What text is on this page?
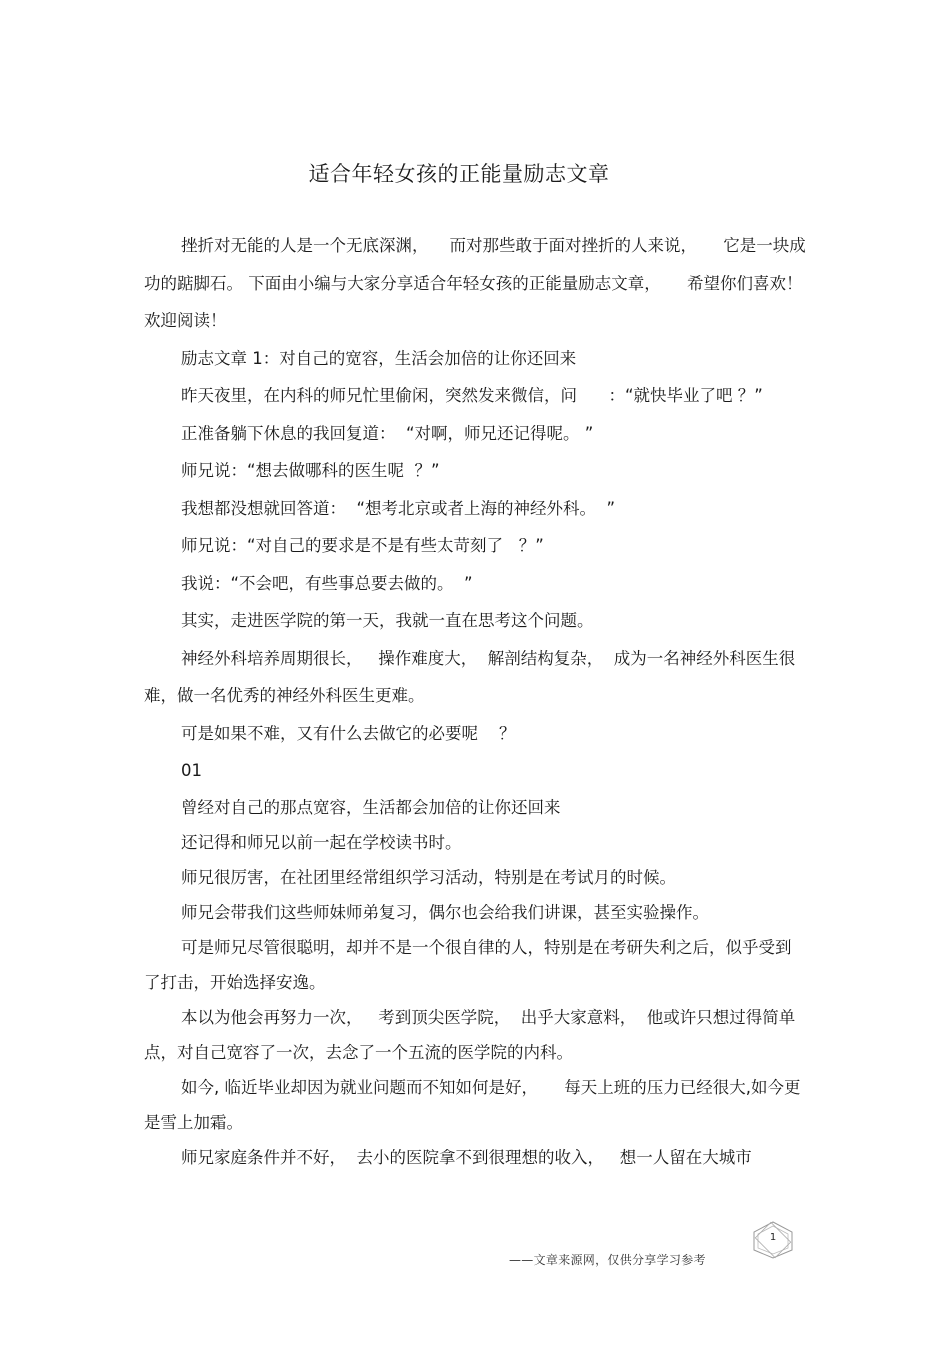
适合年轻女孩的正能量励志文章

挫折对无能的人是一个无底深渊，    而对那些敢于面对挫折的人来说，     它是一块成功的踮脚石。 下面由小编与大家分享适合年轻女孩的正能量励志文章，     希望你们喜欢！欢迎阅读！

励志文章 1：对自己的宽容，生活会加倍的让你还回来

昨天夜里，在内科的师兄忙里偷闲，突然发来微信，问      ：“就快毕业了吧 ？”

正准备躺下休息的我回复道：  “对啊，师兄还记得呢。 ”

师兄说：“想去做哪科的医生呢  ？”

我想都没想就回答道：  “想考北京或者上海的神经外科。  ”

师兄说：“对自己的要求是不是有些太苛刻了   ？”

我说：“不会吧，有些事总要去做的。  ”

其实，走进医学院的第一天，我就一直在思考这个问题。

神经外科培养周期很长，   操作难度大，  解剖结构复杂，  成为一名神经外科医生很难，做一名优秀的神经外科医生更难。

可是如果不难，又有什么去做它的必要呢    ？

01

曾经对自己的那点宽容，生活都会加倍的让你还回来

还记得和师兄以前一起在学校读书时。

师兄很厉害，在社团里经常组织学习活动，特别是在考试月的时候。

师兄会带我们这些师妹师弟复习，偶尔也会给我们讲课，甚至实验操作。

可是师兄尽管很聪明，却并不是一个很自律的人，特别是在考研失利之后，似乎受到了打击，开始选择安逸。

本以为他会再努力一次，   考到顶尖医学院，  出乎大家意料，  他或许只想过得简单点，对自己宽容了一次，去念了一个五流的医学院的内科。

如今, 临近毕业却因为就业问题而不知如何是好，     每天上班的压力已经很大,如今更是雪上加霜。

师兄家庭条件并不好，  去小的医院拿不到很理想的收入，   想一人留在大城市

1
——文章来源网，仅供分享学习参考
